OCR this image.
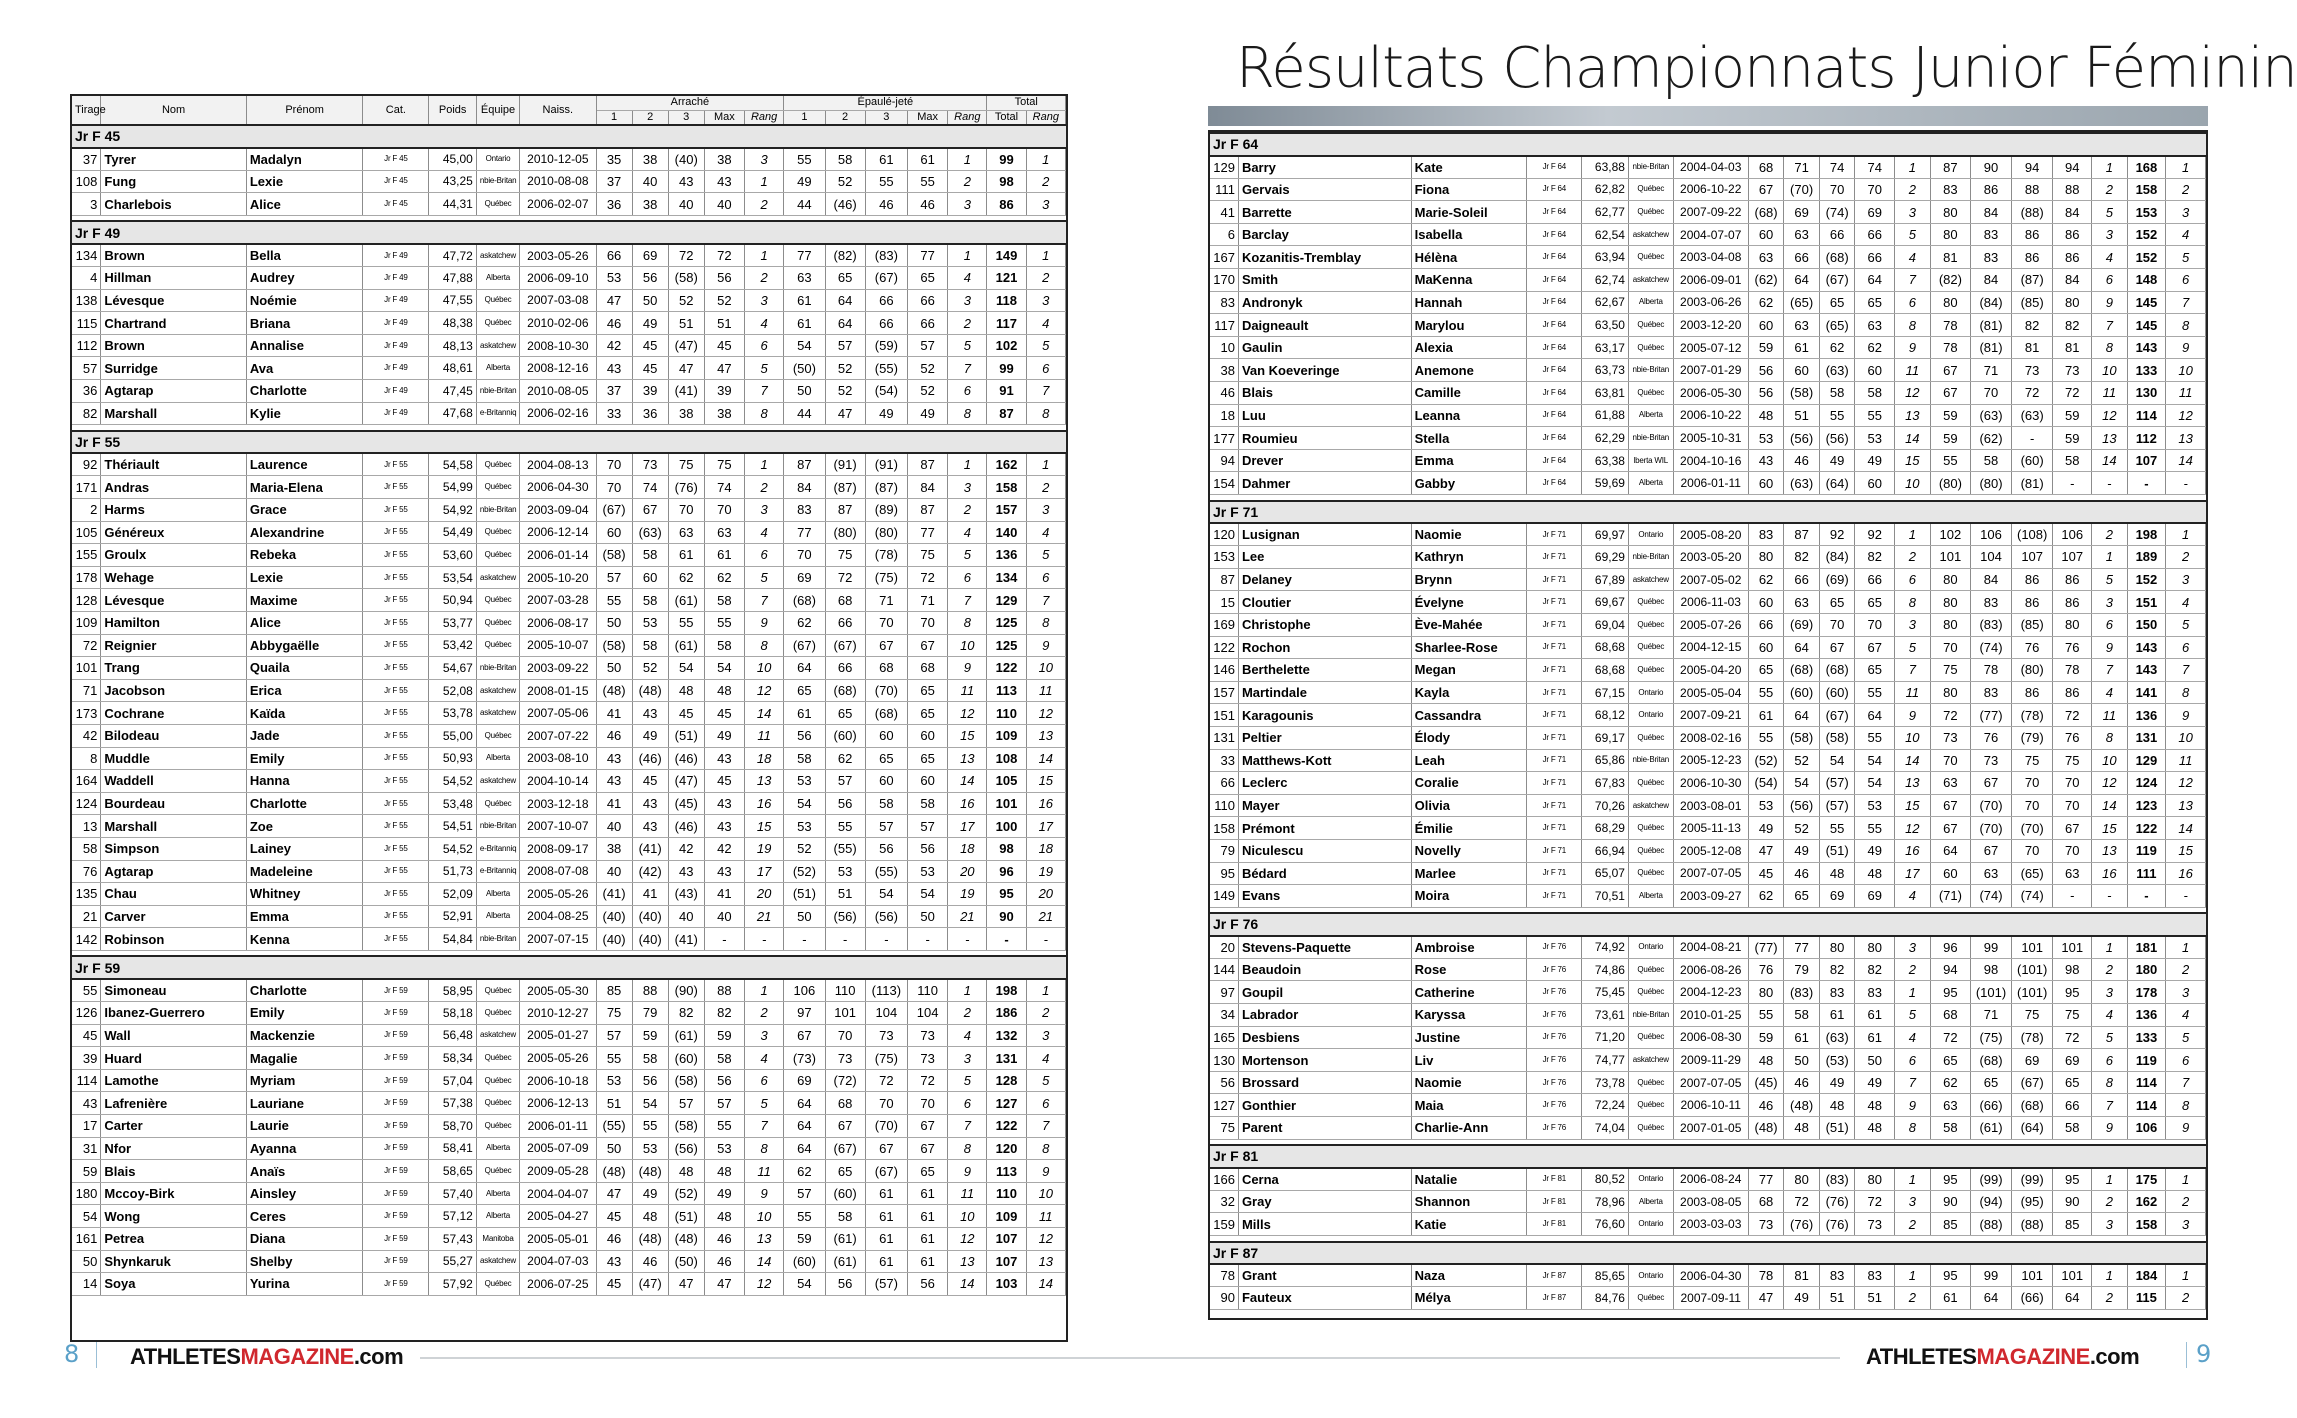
Résultats Championnats Junior Féminin
Tirage	Nom	Prénom	Cat.	Poids	Équipe	Naiss.	Arraché					Épaulé-jeté					Total	
							1	2	3	Max	Rang	1	2	3	Max	Rang	Total	Rang
Jr F 45																		
37	Tyrer	Madalyn	Jr F 45	45,00	Ontario	2010-12-05	35	38	(40)	38	3	55	58	61	61	1	99	1
108	Fung	Lexie	Jr F 45	43,25	nbie-Britan	2010-08-08	37	40	43	43	1	49	52	55	55	2	98	2
3	Charlebois	Alice	Jr F 45	44,31	Québec	2006-02-07	36	38	40	40	2	44	(46)	46	46	3	86	3

Jr F 49																		
134	Brown	Bella	Jr F 49	47,72	askatchew	2003-05-26	66	69	72	72	1	77	(82)	(83)	77	1	149	1
4	Hillman	Audrey	Jr F 49	47,88	Alberta	2006-09-10	53	56	(58)	56	2	63	65	(67)	65	4	121	2
138	Lévesque	Noémie	Jr F 49	47,55	Québec	2007-03-08	47	50	52	52	3	61	64	66	66	3	118	3
115	Chartrand	Briana	Jr F 49	48,38	Québec	2010-02-06	46	49	51	51	4	61	64	66	66	2	117	4
112	Brown	Annalise	Jr F 49	48,13	askatchew	2008-10-30	42	45	(47)	45	6	54	57	(59)	57	5	102	5
57	Surridge	Ava	Jr F 49	48,61	Alberta	2008-12-16	43	45	47	47	5	(50)	52	(55)	52	7	99	6
36	Agtarap	Charlotte	Jr F 49	47,45	nbie-Britan	2010-08-05	37	39	(41)	39	7	50	52	(54)	52	6	91	7
82	Marshall	Kylie	Jr F 49	47,68	e-Britanniq	2006-02-16	33	36	38	38	8	44	47	49	49	8	87	8

Jr F 55																		
92	Thériault	Laurence	Jr F 55	54,58	Québec	2004-08-13	70	73	75	75	1	87	(91)	(91)	87	1	162	1
171	Andras	Maria-Elena	Jr F 55	54,99	Québec	2006-04-30	70	74	(76)	74	2	84	(87)	(87)	84	3	158	2
2	Harms	Grace	Jr F 55	54,92	nbie-Britan	2003-09-04	(67)	67	70	70	3	83	87	(89)	87	2	157	3
105	Généreux	Alexandrine	Jr F 55	54,49	Québec	2006-12-14	60	(63)	63	63	4	77	(80)	(80)	77	4	140	4
155	Groulx	Rebeka	Jr F 55	53,60	Québec	2006-01-14	(58)	58	61	61	6	70	75	(78)	75	5	136	5
178	Wehage	Lexie	Jr F 55	53,54	askatchew	2005-10-20	57	60	62	62	5	69	72	(75)	72	6	134	6
128	Lévesque	Maxime	Jr F 55	50,94	Québec	2007-03-28	55	58	(61)	58	7	(68)	68	71	71	7	129	7
109	Hamilton	Alice	Jr F 55	53,77	Québec	2006-08-17	50	53	55	55	9	62	66	70	70	8	125	8
72	Reignier	Abbygaëlle	Jr F 55	53,42	Québec	2005-10-07	(58)	58	(61)	58	8	(67)	(67)	67	67	10	125	9
101	Trang	Quaila	Jr F 55	54,67	nbie-Britan	2003-09-22	50	52	54	54	10	64	66	68	68	9	122	10
71	Jacobson	Erica	Jr F 55	52,08	askatchew	2008-01-15	(48)	(48)	48	48	12	65	(68)	(70)	65	11	113	11
173	Cochrane	Kaïda	Jr F 55	53,78	askatchew	2007-05-06	41	43	45	45	14	61	65	(68)	65	12	110	12
42	Bilodeau	Jade	Jr F 55	55,00	Québec	2007-07-22	46	49	(51)	49	11	56	(60)	60	60	15	109	13
8	Muddle	Emily	Jr F 55	50,93	Alberta	2003-08-10	43	(46)	(46)	43	18	58	62	65	65	13	108	14
164	Waddell	Hanna	Jr F 55	54,52	askatchew	2004-10-14	43	45	(47)	45	13	53	57	60	60	14	105	15
124	Bourdeau	Charlotte	Jr F 55	53,48	Québec	2003-12-18	41	43	(45)	43	16	54	56	58	58	16	101	16
13	Marshall	Zoe	Jr F 55	54,51	nbie-Britan	2007-10-07	40	43	(46)	43	15	53	55	57	57	17	100	17
58	Simpson	Lainey	Jr F 55	54,52	e-Britanniq	2008-09-17	38	(41)	42	42	19	52	(55)	56	56	18	98	18
76	Agtarap	Madeleine	Jr F 55	51,73	e-Britanniq	2008-07-08	40	(42)	43	43	17	(52)	53	(55)	53	20	96	19
135	Chau	Whitney	Jr F 55	52,09	Alberta	2005-05-26	(41)	41	(43)	41	20	(51)	51	54	54	19	95	20
21	Carver	Emma	Jr F 55	52,91	Alberta	2004-08-25	(40)	(40)	40	40	21	50	(56)	(56)	50	21	90	21
142	Robinson	Kenna	Jr F 55	54,84	nbie-Britan	2007-07-15	(40)	(40)	(41)	-	-	-	-	-	-	-	-	-

Jr F 59																		
55	Simoneau	Charlotte	Jr F 59	58,95	Québec	2005-05-30	85	88	(90)	88	1	106	110	(113)	110	1	198	1
126	Ibanez-Guerrero	Emily	Jr F 59	58,18	Québec	2010-12-27	75	79	82	82	2	97	101	104	104	2	186	2
45	Wall	Mackenzie	Jr F 59	56,48	askatchew	2005-01-27	57	59	(61)	59	3	67	70	73	73	4	132	3
39	Huard	Magalie	Jr F 59	58,34	Québec	2005-05-26	55	58	(60)	58	4	(73)	73	(75)	73	3	131	4
114	Lamothe	Myriam	Jr F 59	57,04	Québec	2006-10-18	53	56	(58)	56	6	69	(72)	72	72	5	128	5
43	Lafrenière	Lauriane	Jr F 59	57,38	Québec	2006-12-13	51	54	57	57	5	64	68	70	70	6	127	6
17	Carter	Laurie	Jr F 59	58,70	Québec	2006-01-11	(55)	55	(58)	55	7	64	67	(70)	67	7	122	7
31	Nfor	Ayanna	Jr F 59	58,41	Alberta	2005-07-09	50	53	(56)	53	8	64	(67)	67	67	8	120	8
59	Blais	Anaïs	Jr F 59	58,65	Québec	2009-05-28	(48)	(48)	48	48	11	62	65	(67)	65	9	113	9
180	Mccoy-Birk	Ainsley	Jr F 59	57,40	Alberta	2004-04-07	47	49	(52)	49	9	57	(60)	61	61	11	110	10
54	Wong	Ceres	Jr F 59	57,12	Alberta	2005-04-27	45	48	(51)	48	10	55	58	61	61	10	109	11
161	Petrea	Diana	Jr F 59	57,43	Manitoba	2005-05-01	46	(48)	(48)	46	13	59	(61)	61	61	12	107	12
50	Shynkaruk	Shelby	Jr F 59	55,27	askatchew	2004-07-03	43	46	(50)	46	14	(60)	(61)	61	61	13	107	13
14	Soya	Yurina	Jr F 59	57,92	Québec	2006-07-25	45	(47)	47	47	12	54	56	(57)	56	14	103	14
Jr F 64																		
129	Barry	Kate	Jr F 64	63,88	nbie-Britan	2004-04-03	68	71	74	74	1	87	90	94	94	1	168	1
111	Gervais	Fiona	Jr F 64	62,82	Québec	2006-10-22	67	(70)	70	70	2	83	86	88	88	2	158	2
41	Barrette	Marie-Soleil	Jr F 64	62,77	Québec	2007-09-22	(68)	69	(74)	69	3	80	84	(88)	84	5	153	3
6	Barclay	Isabella	Jr F 64	62,54	askatchew	2004-07-07	60	63	66	66	5	80	83	86	86	3	152	4
167	Kozanitis-Tremblay	Hélèna	Jr F 64	63,94	Québec	2003-04-08	63	66	(68)	66	4	81	83	86	86	4	152	5
170	Smith	MaKenna	Jr F 64	62,74	askatchew	2006-09-01	(62)	64	(67)	64	7	(82)	84	(87)	84	6	148	6
83	Andronyk	Hannah	Jr F 64	62,67	Alberta	2003-06-26	62	(65)	65	65	6	80	(84)	(85)	80	9	145	7
117	Daigneault	Marylou	Jr F 64	63,50	Québec	2003-12-20	60	63	(65)	63	8	78	(81)	82	82	7	145	8
10	Gaulin	Alexia	Jr F 64	63,17	Québec	2005-07-12	59	61	62	62	9	78	(81)	81	81	8	143	9
38	Van Koeveringe	Anemone	Jr F 64	63,73	nbie-Britan	2007-01-29	56	60	(63)	60	11	67	71	73	73	10	133	10
46	Blais	Camille	Jr F 64	63,81	Québec	2006-05-30	56	(58)	58	58	12	67	70	72	72	11	130	11
18	Luu	Leanna	Jr F 64	61,88	Alberta	2006-10-22	48	51	55	55	13	59	(63)	(63)	59	12	114	12
177	Roumieu	Stella	Jr F 64	62,29	nbie-Britan	2005-10-31	53	(56)	(56)	53	14	59	(62)	-	59	13	112	13
94	Drever	Emma	Jr F 64	63,38	lberta WIL	2004-10-16	43	46	49	49	15	55	58	(60)	58	14	107	14
154	Dahmer	Gabby	Jr F 64	59,69	Alberta	2006-01-11	60	(63)	(64)	60	10	(80)	(80)	(81)	-	-	-	-

Jr F 71																		
120	Lusignan	Naomie	Jr F 71	69,97	Ontario	2005-08-20	83	87	92	92	1	102	106	(108)	106	2	198	1
153	Lee	Kathryn	Jr F 71	69,29	nbie-Britan	2003-05-20	80	82	(84)	82	2	101	104	107	107	1	189	2
87	Delaney	Brynn	Jr F 71	67,89	askatchew	2007-05-02	62	66	(69)	66	6	80	84	86	86	5	152	3
15	Cloutier	Évelyne	Jr F 71	69,67	Québec	2006-11-03	60	63	65	65	8	80	83	86	86	3	151	4
169	Christophe	Ève-Mahée	Jr F 71	69,04	Québec	2005-07-26	66	(69)	70	70	3	80	(83)	(85)	80	6	150	5
122	Rochon	Sharlee-Rose	Jr F 71	68,68	Québec	2004-12-15	60	64	67	67	5	70	(74)	76	76	9	143	6
146	Berthelette	Megan	Jr F 71	68,68	Québec	2005-04-20	65	(68)	(68)	65	7	75	78	(80)	78	7	143	7
157	Martindale	Kayla	Jr F 71	67,15	Ontario	2005-05-04	55	(60)	(60)	55	11	80	83	86	86	4	141	8
151	Karagounis	Cassandra	Jr F 71	68,12	Ontario	2007-09-21	61	64	(67)	64	9	72	(77)	(78)	72	11	136	9
131	Peltier	Élody	Jr F 71	69,17	Québec	2008-02-16	55	(58)	(58)	55	10	73	76	(79)	76	8	131	10
33	Matthews-Kott	Leah	Jr F 71	65,86	nbie-Britan	2005-12-23	(52)	52	54	54	14	70	73	75	75	10	129	11
66	Leclerc	Coralie	Jr F 71	67,83	Québec	2006-10-30	(54)	54	(57)	54	13	63	67	70	70	12	124	12
110	Mayer	Olivia	Jr F 71	70,26	askatchew	2003-08-01	53	(56)	(57)	53	15	67	(70)	70	70	14	123	13
158	Prémont	Émilie	Jr F 71	68,29	Québec	2005-11-13	49	52	55	55	12	67	(70)	(70)	67	15	122	14
79	Niculescu	Novelly	Jr F 71	66,94	Québec	2005-12-08	47	49	(51)	49	16	64	67	70	70	13	119	15
95	Bédard	Marlee	Jr F 71	65,07	Québec	2007-07-05	45	46	48	48	17	60	63	(65)	63	16	111	16
149	Evans	Moira	Jr F 71	70,51	Alberta	2003-09-27	62	65	69	69	4	(71)	(74)	(74)	-	-	-	-

Jr F 76																		
20	Stevens-Paquette	Ambroise	Jr F 76	74,92	Ontario	2004-08-21	(77)	77	80	80	3	96	99	101	101	1	181	1
144	Beaudoin	Rose	Jr F 76	74,86	Québec	2006-08-26	76	79	82	82	2	94	98	(101)	98	2	180	2
97	Goupil	Catherine	Jr F 76	75,45	Québec	2004-12-23	80	(83)	83	83	1	95	(101)	(101)	95	3	178	3
34	Labrador	Karyssa	Jr F 76	73,61	nbie-Britan	2010-01-25	55	58	61	61	5	68	71	75	75	4	136	4
165	Desbiens	Justine	Jr F 76	71,20	Québec	2006-08-30	59	61	(63)	61	4	72	(75)	(78)	72	5	133	5
130	Mortenson	Liv	Jr F 76	74,77	askatchew	2009-11-29	48	50	(53)	50	6	65	(68)	69	69	6	119	6
56	Brossard	Naomie	Jr F 76	73,78	Québec	2007-07-05	(45)	46	49	49	7	62	65	(67)	65	8	114	7
127	Gonthier	Maia	Jr F 76	72,24	Québec	2006-10-11	46	(48)	48	48	9	63	(66)	(68)	66	7	114	8
75	Parent	Charlie-Ann	Jr F 76	74,04	Québec	2007-01-05	(48)	48	(51)	48	8	58	(61)	(64)	58	9	106	9

Jr F 81																		
166	Cerna	Natalie	Jr F 81	80,52	Ontario	2006-08-24	77	80	(83)	80	1	95	(99)	(99)	95	1	175	1
32	Gray	Shannon	Jr F 81	78,96	Alberta	2003-08-05	68	72	(76)	72	3	90	(94)	(95)	90	2	162	2
159	Mills	Katie	Jr F 81	76,60	Ontario	2003-03-03	73	(76)	(76)	73	2	85	(88)	(88)	85	3	158	3

Jr F 87																		
78	Grant	Naza	Jr F 87	85,65	Ontario	2006-04-30	78	81	83	83	1	95	99	101	101	1	184	1
90	Fauteux	Mélya	Jr F 87	84,76	Québec	2007-09-11	47	49	51	51	2	61	64	(66)	64	2	115	2
8 ATHLETESMAGAZINE.com	ATHLETESMAGAZINE.com 9
